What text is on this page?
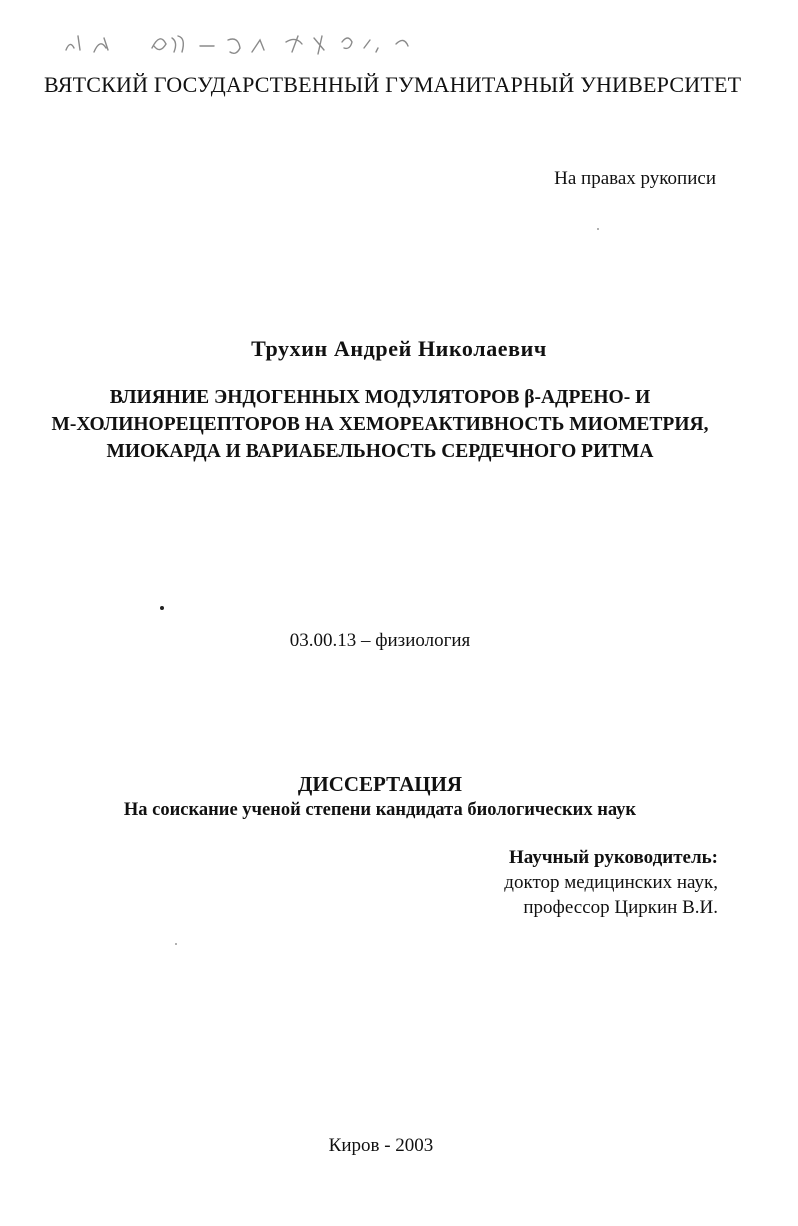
ВЯТСКИЙ ГОСУДАРСТВЕННЫЙ ГУМАНИТАРНЫЙ УНИВЕРСИТЕТ
На правах рукописи
Трухин Андрей Николаевич
ВЛИЯНИЕ ЭНДОГЕННЫХ МОДУЛЯТОРОВ β-АДРЕНО- И
М-ХОЛИНОРЕЦЕПТОРОВ НА ХЕМОРЕАКТИВНОСТЬ МИОМЕТРИЯ,
МИОКАРДА И ВАРИАБЕЛЬНОСТЬ СЕРДЕЧНОГО РИТМА
03.00.13 – физиология
ДИССЕРТАЦИЯ
На соискание ученой степени кандидата биологических наук
Научный руководитель:
доктор медицинских наук,
профессор Циркин В.И.
Киров - 2003
